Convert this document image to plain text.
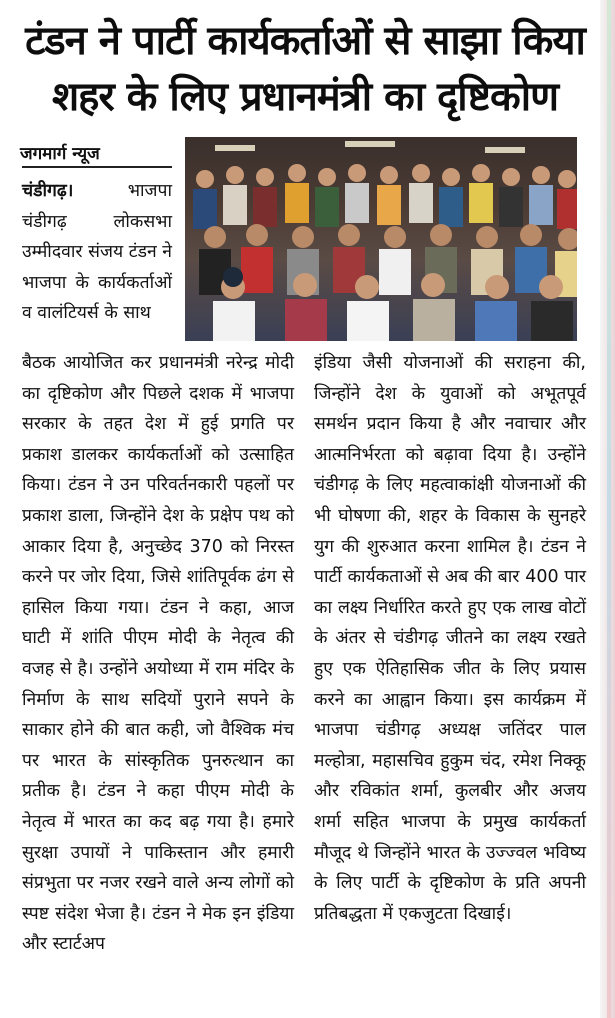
टंडन ने पार्टी कार्यकर्ताओं से साझा किया
शहर के लिए प्रधानमंत्री का दृष्टिकोण
जगमार्ग न्यूज
चंडीगढ़।	भाजपा चंडीगढ़ लोकसभा उम्मीदवार संजय टंडन ने भाजपा के कार्यकर्ताओं व वालंटियर्स के साथ
बैठक आयोजित कर प्रधानमंत्री नरेन्द्र मोदी का दृष्टिकोण और पिछले दशक में भाजपा सरकार के तहत देश में हुई प्रगति पर प्रकाश डालकर कार्यकर्ताओं को उत्साहित किया। टंडन ने उन परिवर्तनकारी पहलों पर प्रकाश डाला, जिन्होंने देश के प्रक्षेप पथ को आकार दिया है, अनुच्छेद 370 को निरस्त करने पर जोर दिया, जिसे शांतिपूर्वक ढंग से हासिल किया गया। टंडन ने कहा, आज घाटी में शांति पीएम मोदी के नेतृत्व की वजह से है। उन्होंने अयोध्या में राम मंदिर के निर्माण के साथ सदियों पुराने सपने के साकार होने की बात कही, जो वैश्विक मंच पर भारत के सांस्कृतिक पुनरुत्थान का प्रतीक है। टंडन ने कहा पीएम मोदी के नेतृत्व में भारत का कद बढ़ गया है। हमारे सुरक्षा उपायों ने पाकिस्तान और हमारी संप्रभुता पर नजर रखने वाले अन्य लोगों को स्पष्ट संदेश भेजा है। टंडन ने मेक इन इंडिया और स्टार्टअप
इंडिया जैसी योजनाओं की सराहना की, जिन्होंने देश के युवाओं को अभूतपूर्व समर्थन प्रदान किया है और नवाचार और आत्मनिर्भरता को बढ़ावा दिया है। उन्होंने चंडीगढ़ के लिए महत्वाकांक्षी योजनाओं की भी घोषणा की, शहर के विकास के सुनहरे युग की शुरुआत करना शामिल है। टंडन ने पार्टी कार्यकताओं से अब की बार 400 पार का लक्ष्य निर्धारित करते हुए एक लाख वोटों के अंतर से चंडीगढ़ जीतने का लक्ष्य रखते हुए एक ऐतिहासिक जीत के लिए प्रयास करने का आह्वान किया। इस कार्यक्रम में भाजपा चंडीगढ़ अध्यक्ष जतिंदर पाल मल्होत्रा, महासचिव हुकुम चंद, रमेश निक्कू और रविकांत शर्मा, कुलबीर और अजय शर्मा सहित भाजपा के प्रमुख कार्यकर्ता मौजूद थे जिन्होंने भारत के उज्ज्वल भविष्य के लिए पार्टी के दृष्टिकोण के प्रति अपनी प्रतिबद्धता में एकजुटता दिखाई।
